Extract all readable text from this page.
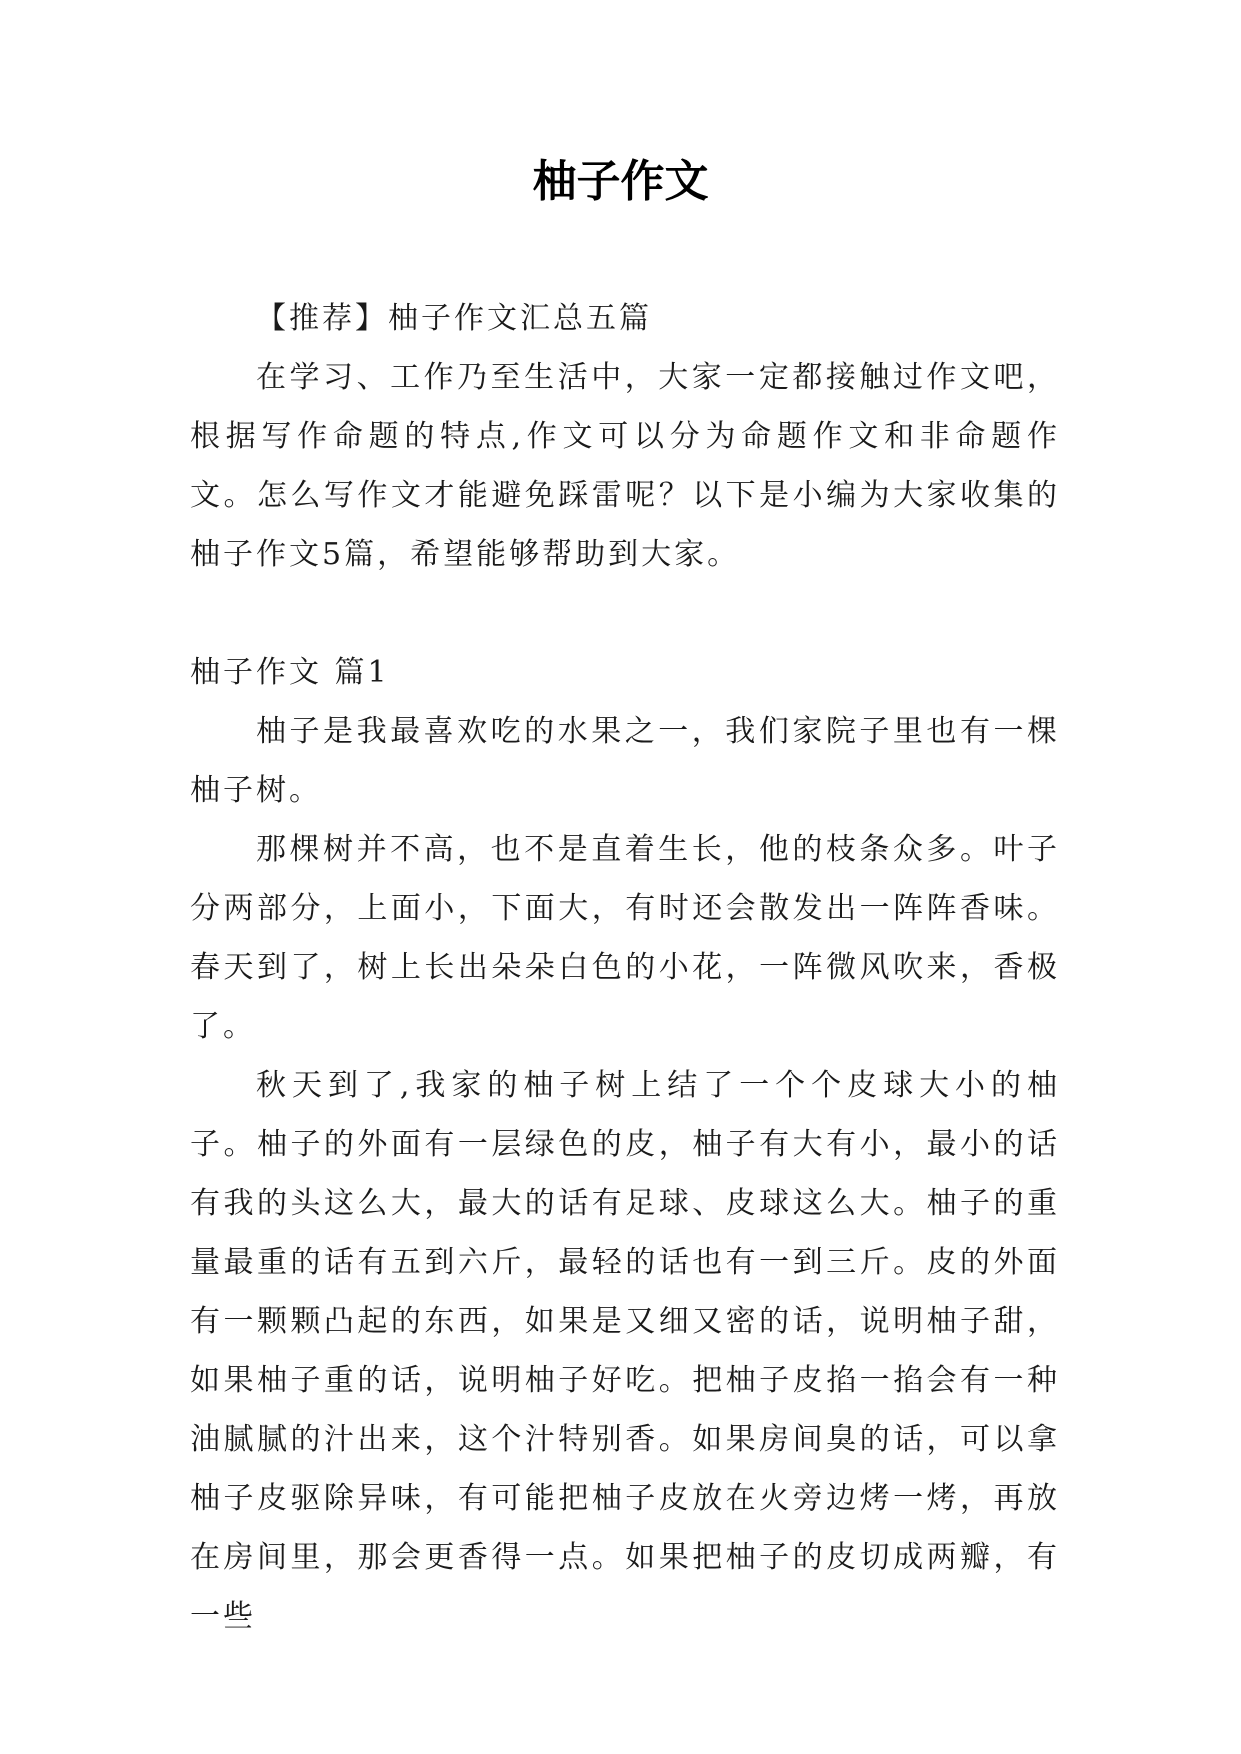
柚子作文

【推荐】柚子作文汇总五篇

在学习、工作乃至生活中，大家一定都接触过作文吧，根据写作命题的特点,作文可以分为命题作文和非命题作文。怎么写作文才能避免踩雷呢？以下是小编为大家收集的柚子作文5篇，希望能够帮助到大家。

柚子作文 篇1

柚子是我最喜欢吃的水果之一，我们家院子里也有一棵柚子树。

那棵树并不高，也不是直着生长，他的枝条众多。叶子分两部分，上面小，下面大，有时还会散发出一阵阵香味。春天到了，树上长出朵朵白色的小花，一阵微风吹来，香极了。

秋天到了,我家的柚子树上结了一个个皮球大小的柚子。柚子的外面有一层绿色的皮，柚子有大有小，最小的话有我的头这么大，最大的话有足球、皮球这么大。柚子的重量最重的话有五到六斤，最轻的话也有一到三斤。皮的外面有一颗颗凸起的东西，如果是又细又密的话，说明柚子甜，如果柚子重的话，说明柚子好吃。把柚子皮掐一掐会有一种油腻腻的汁出来，这个汁特别香。如果房间臭的话，可以拿柚子皮驱除异味，有可能把柚子皮放在火旁边烤一烤，再放在房间里，那会更香得一点。如果把柚子的皮切成两瓣，有一些
